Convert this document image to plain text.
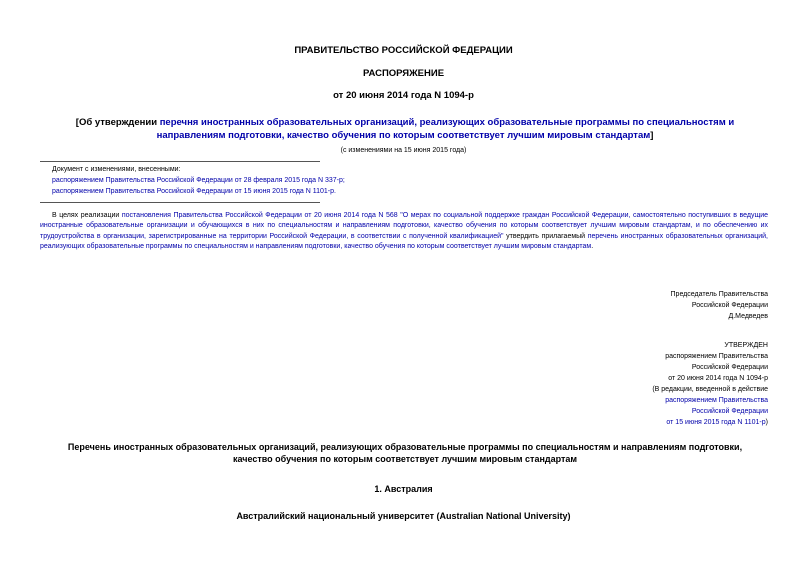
ПРАВИТЕЛЬСТВО РОССИЙСКОЙ ФЕДЕРАЦИИ
РАСПОРЯЖЕНИЕ
от 20 июня 2014 года N 1094-р
[Об утверждении перечня иностранных образовательных организаций, реализующих образовательные программы по специальностям и направлениям подготовки, качество обучения по которым соответствует лучшим мировым стандартам]
(с изменениями на 15 июня 2015 года)
Документ с изменениями, внесенными:
распоряжением Правительства Российской Федерации от 28 февраля 2015 года N 337-р;
распоряжением Правительства Российской Федерации от 15 июня 2015 года N 1101-р.
В целях реализации постановления Правительства Российской Федерации от 20 июня 2014 года N 568 "О мерах по социальной поддержке граждан Российской Федерации, самостоятельно поступивших в ведущие иностранные образовательные организации и обучающихся в них по специальностям и направлениям подготовки, качество обучения по которым соответствует лучшим мировым стандартам, и по обеспечению их трудоустройства в организации, зарегистрированные на территории Российской Федерации, в соответствии с полученной квалификацией" утвердить прилагаемый перечень иностранных образовательных организаций, реализующих образовательные программы по специальностям и направлениям подготовки, качество обучения по которым соответствует лучшим мировым стандартам.
Председатель Правительства
Российской Федерации
Д.Медведев
УТВЕРЖДЕН
распоряжением Правительства
Российской Федерации
от 20 июня 2014 года N 1094-р
(В редакции, введенной в действие
распоряжением Правительства
Российской Федерации
от 15 июня 2015 года N 1101-р)
Перечень иностранных образовательных организаций, реализующих образовательные программы по специальностям и направлениям подготовки, качество обучения по которым соответствует лучшим мировым стандартам
1. Австралия
Австралийский национальный университет (Australian National University)
